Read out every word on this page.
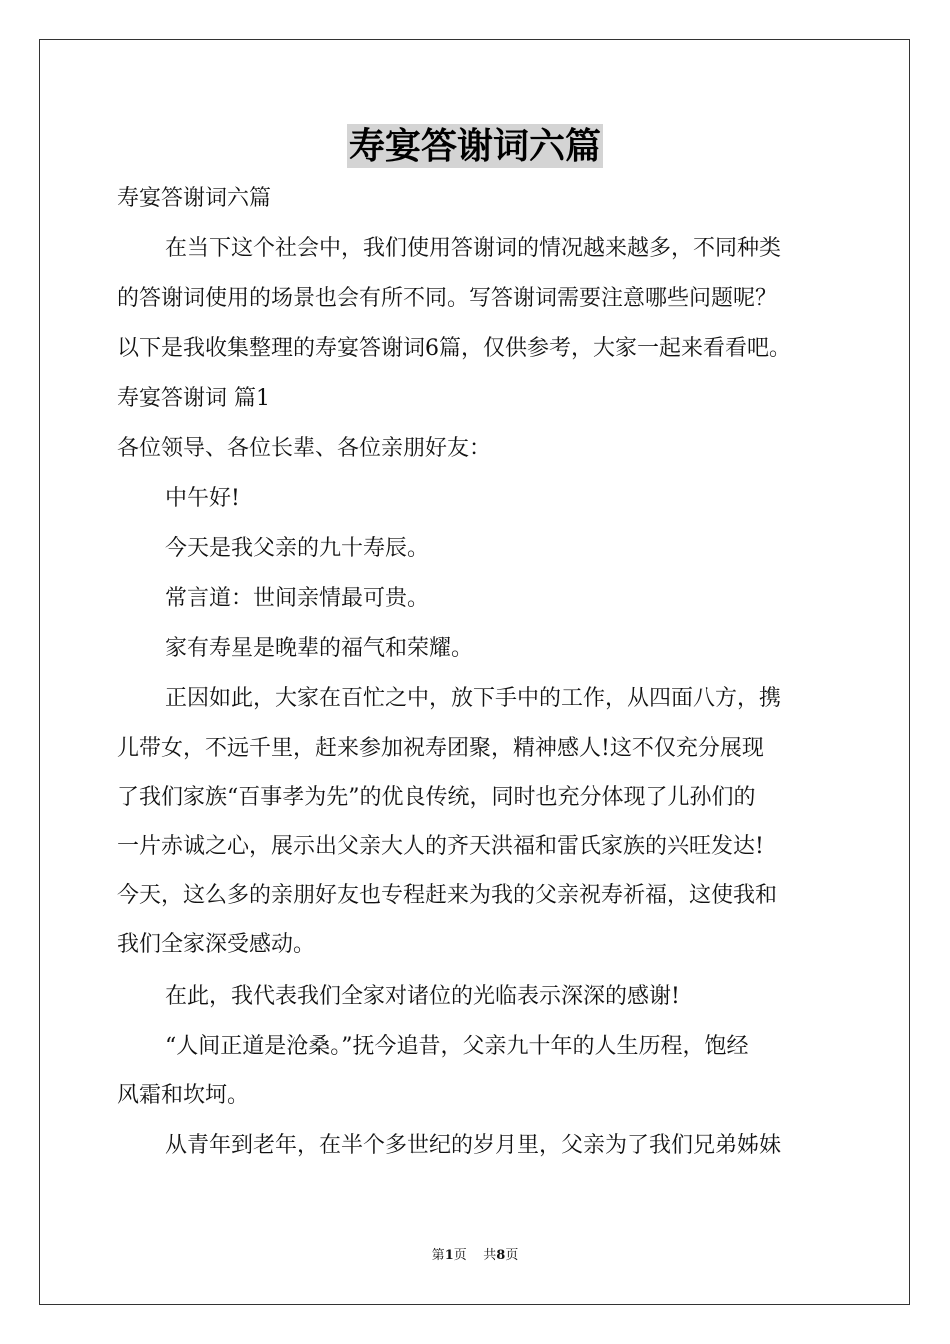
寿宴答谢词六篇
寿宴答谢词六篇
在当下这个社会中，我们使用答谢词的情况越来越多，不同种类
的答谢词使用的场景也会有所不同。写答谢词需要注意哪些问题呢？
以下是我收集整理的寿宴答谢词6篇，仅供参考，大家一起来看看吧。
寿宴答谢词 篇1
各位领导、各位长辈、各位亲朋好友：
中午好!
今天是我父亲的九十寿辰。
常言道：世间亲情最可贵。
家有寿星是晚辈的福气和荣耀。
正因如此，大家在百忙之中，放下手中的工作，从四面八方，携
儿带女，不远千里，赶来参加祝寿团聚，精神感人!这不仅充分展现
了我们家族“百事孝为先”的优良传统，同时也充分体现了儿孙们的
一片赤诚之心，展示出父亲大人的齐天洪福和雷氏家族的兴旺发达!
今天，这么多的亲朋好友也专程赶来为我的父亲祝寿祈福，这使我和
我们全家深受感动。
在此，我代表我们全家对诸位的光临表示深深的感谢!
“人间正道是沧桑。”抚今追昔，父亲九十年的人生历程，饱经
风霜和坎坷。
从青年到老年，在半个多世纪的岁月里，父亲为了我们兄弟姊妹
第1页    共8页
